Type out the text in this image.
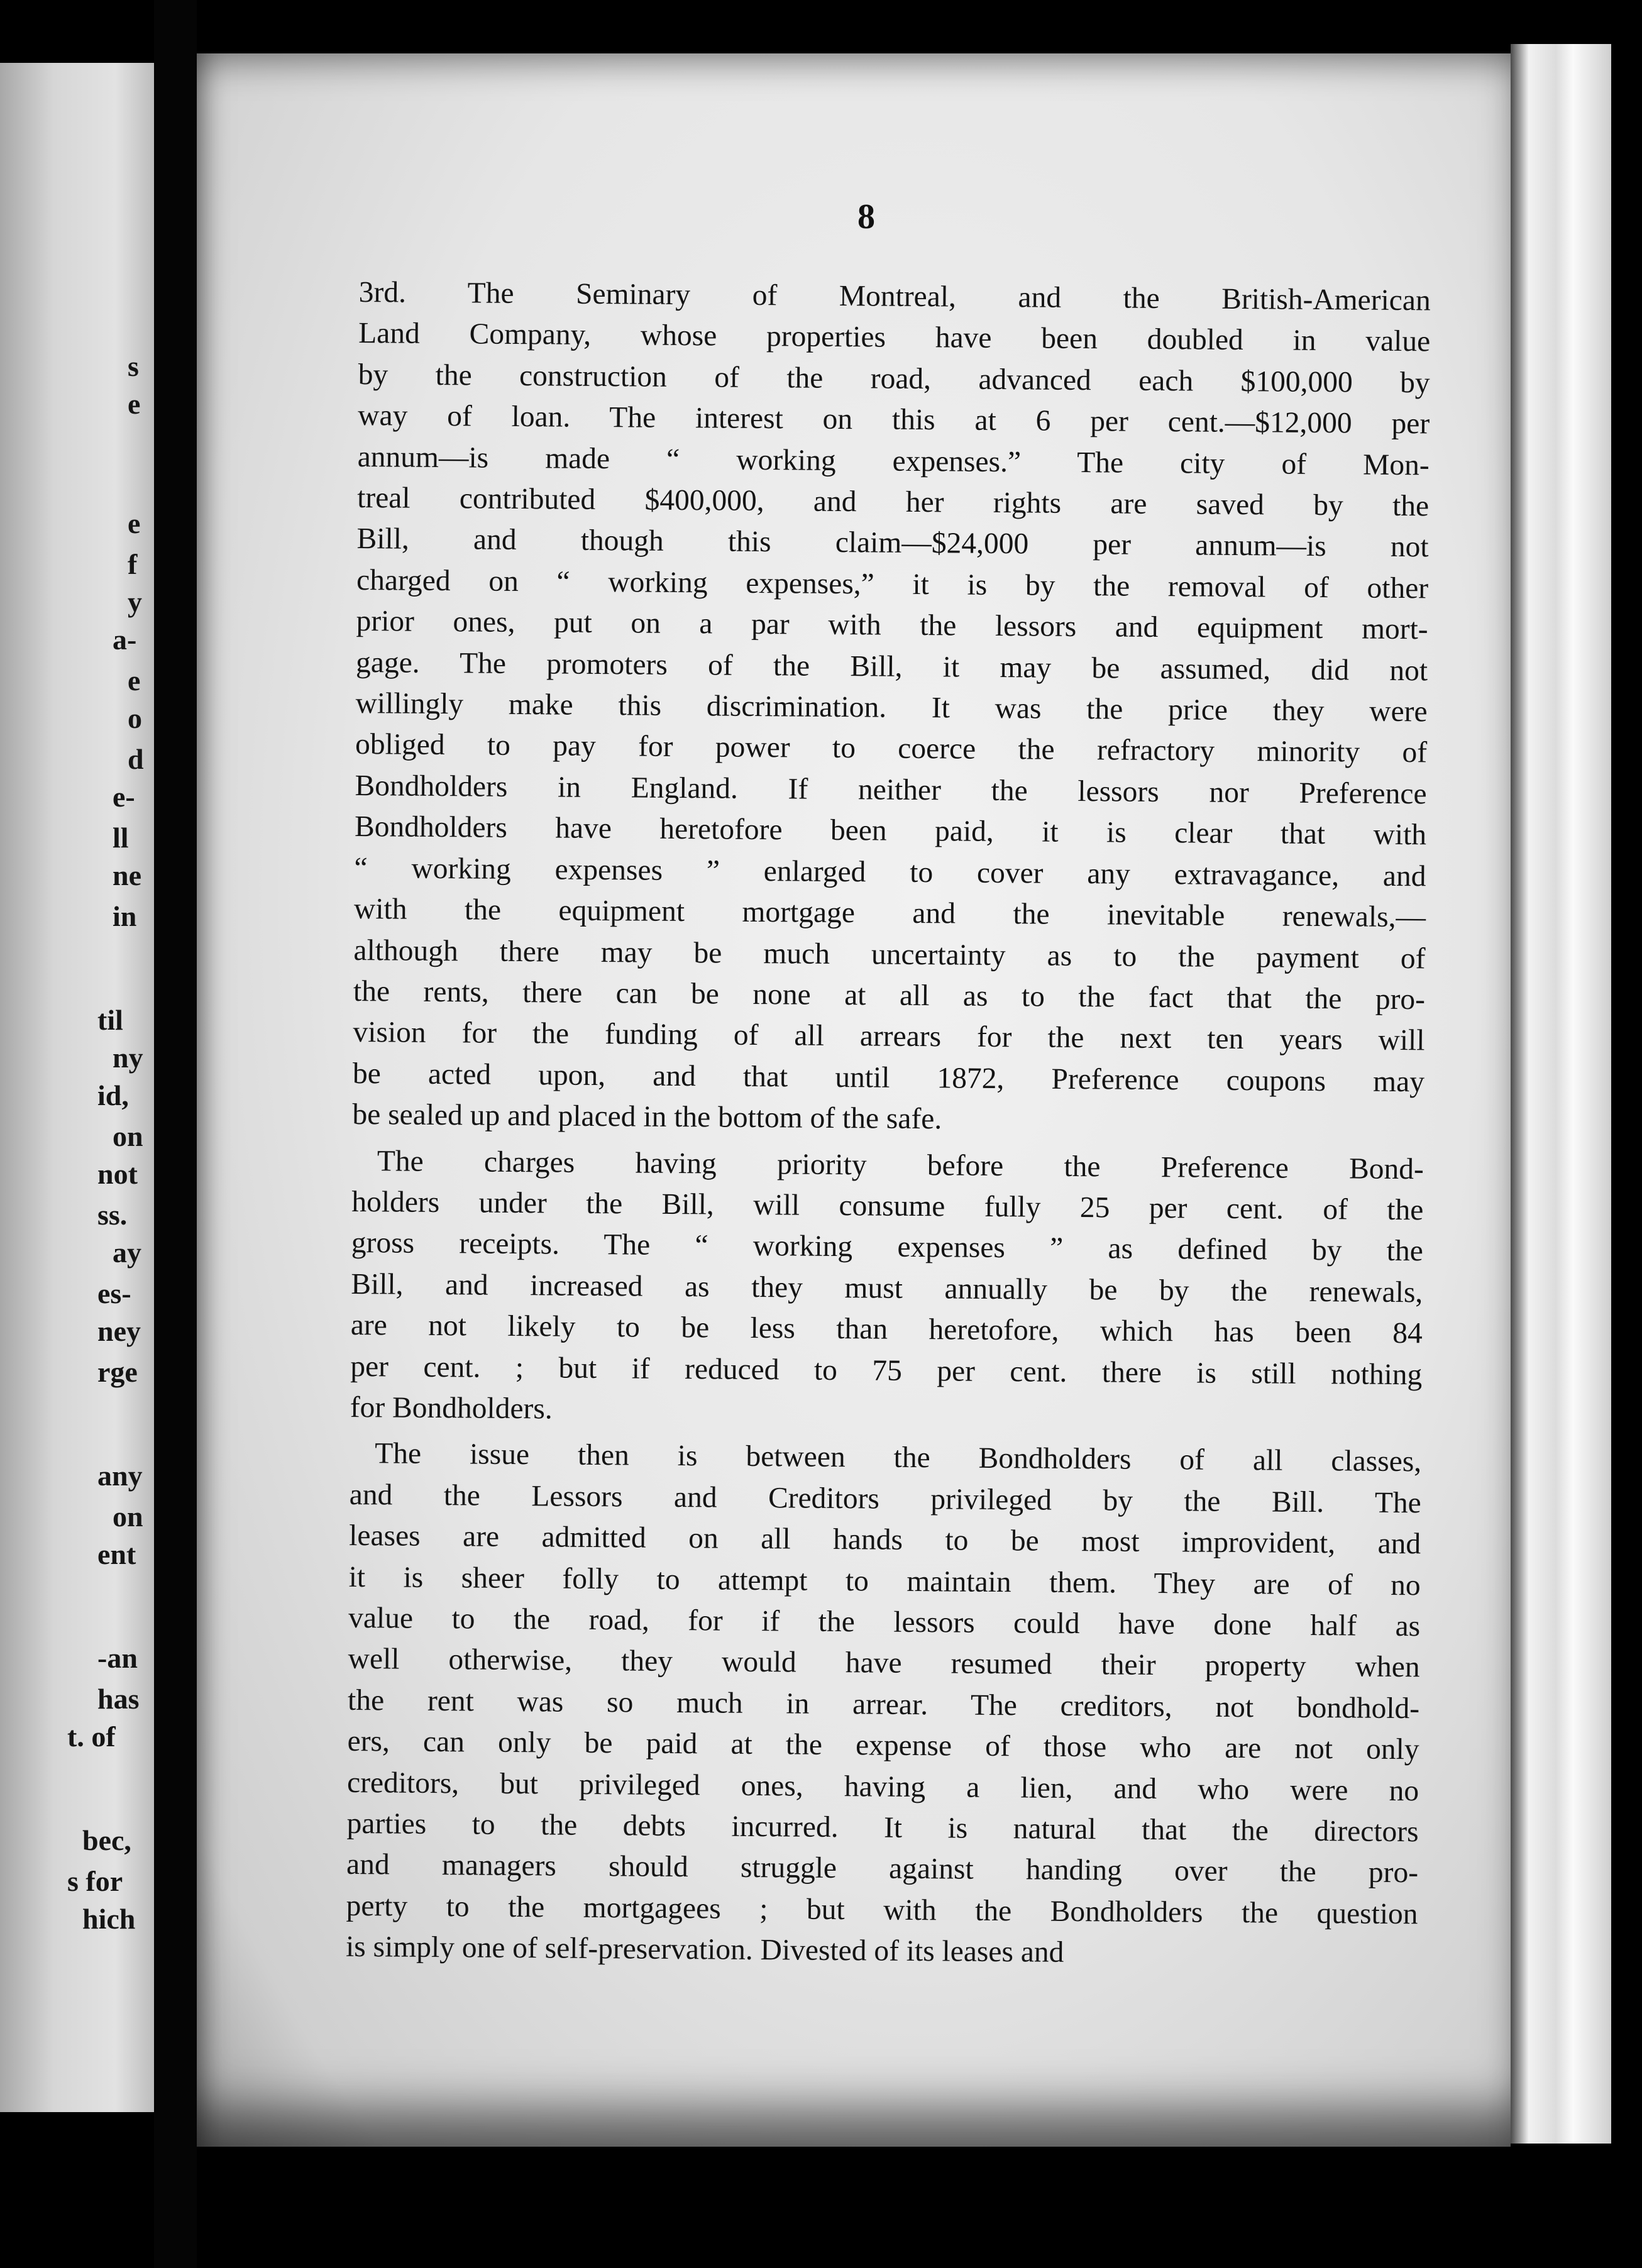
s
e
e
f
y
a-
e
o
d
e-
ll
ne
in
til
ny
id,
on
not
ss.
ay
es-
ney
rge
any
on
ent
-an
has
t. of
bec,
s for
hich
8
3rd. The Seminary of Montreal, and the British-American
Land Company, whose properties have been doubled in value
by the construction of the road, advanced each $100,000 by
way of loan. The interest on this at 6 per cent.—$12,000 per
annum—is made “ working expenses.” The city of Mon-
treal contributed $400,000, and her rights are saved by the
Bill, and though this claim—$24,000 per annum—is not
charged on “ working expenses,” it is by the removal of other
prior ones, put on a par with the lessors and equipment mort-
gage. The promoters of the Bill, it may be assumed, did not
willingly make this discrimination. It was the price they were
obliged to pay for power to coerce the refractory minority of
Bondholders in England. If neither the lessors nor Preference
Bondholders have heretofore been paid, it is clear that with
“ working expenses ” enlarged to cover any extravagance, and
with the equipment mortgage and the inevitable renewals,—
although there may be much uncertainty as to the payment of
the rents, there can be none at all as to the fact that the pro-
vision for the funding of all arrears for the next ten years will
be acted upon, and that until 1872, Preference coupons may
be sealed up and placed in the bottom of the safe.
The charges having priority before the Preference Bond-
holders under the Bill, will consume fully 25 per cent. of the
gross receipts. The “ working expenses ” as defined by the
Bill, and increased as they must annually be by the renewals,
are not likely to be less than heretofore, which has been 84
per cent. ; but if reduced to 75 per cent. there is still nothing
for Bondholders.
The issue then is between the Bondholders of all classes,
and the Lessors and Creditors privileged by the Bill. The
leases are admitted on all hands to be most improvident, and
it is sheer folly to attempt to maintain them. They are of no
value to the road, for if the lessors could have done half as
well otherwise, they would have resumed their property when
the rent was so much in arrear. The creditors, not bondhold-
ers, can only be paid at the expense of those who are not only
creditors, but privileged ones, having a lien, and who were no
parties to the debts incurred. It is natural that the directors
and managers should struggle against handing over the pro-
perty to the mortgagees ; but with the Bondholders the question
is simply one of self-preservation. Divested of its leases and
